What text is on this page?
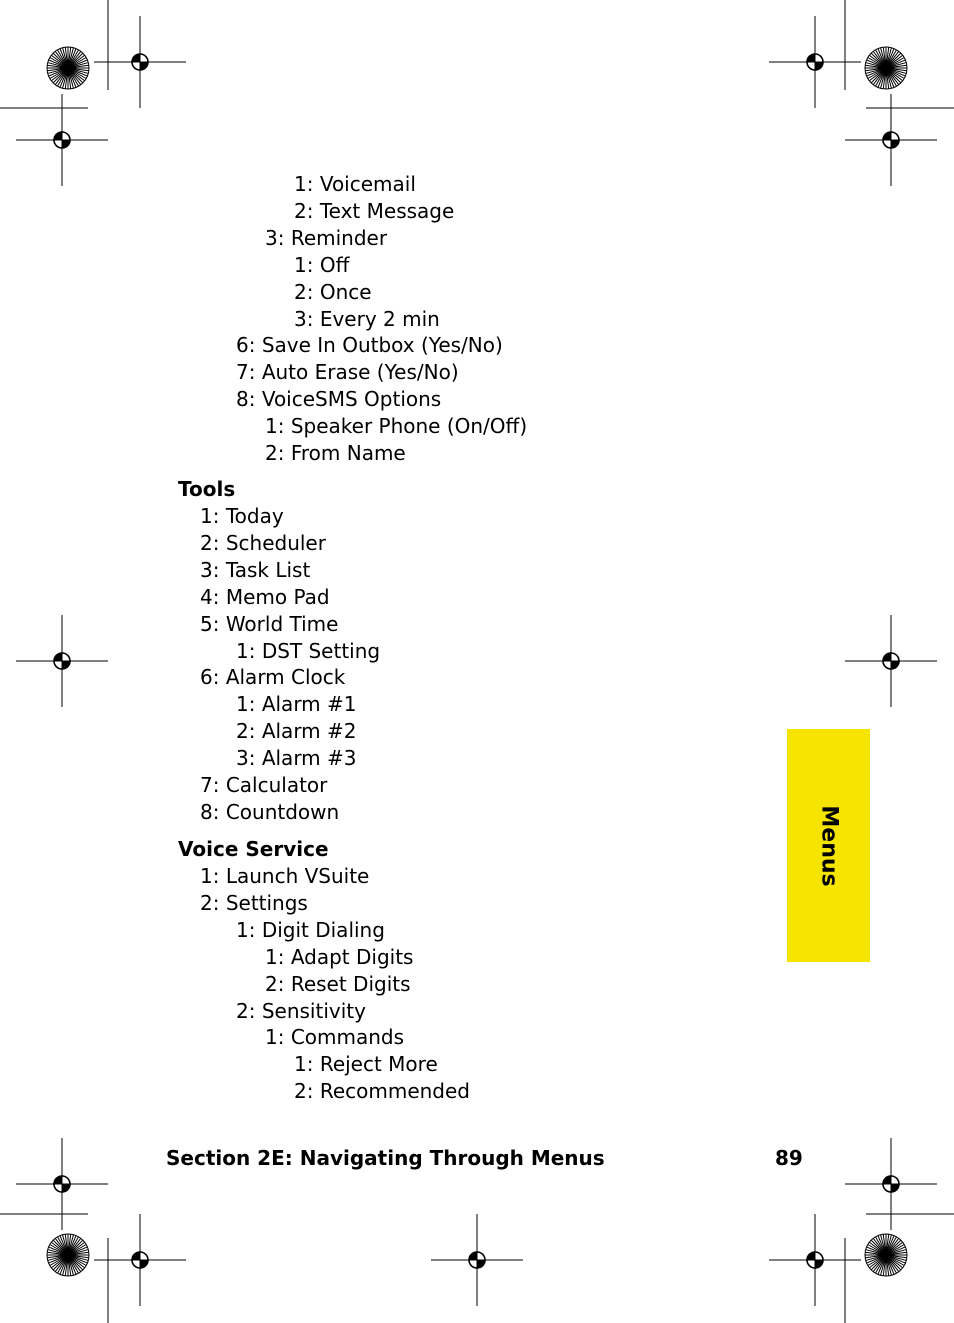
1: Voicemail
2: Text Message
3: Reminder
1: Off
2: Once
3: Every 2 min
6: Save In Outbox (Yes/No)
7: Auto Erase (Yes/No)
8: VoiceSMS Options
1: Speaker Phone (On/Off)
2: From Name
Tools
1: Today
2: Scheduler
3: Task List
4: Memo Pad
5: World Time
1: DST Setting
6: Alarm Clock
1: Alarm #1
2: Alarm #2
3: Alarm #3
7: Calculator
8: Countdown
Voice Service
1: Launch VSuite
2: Settings
1: Digit Dialing
1: Adapt Digits
2: Reset Digits
2: Sensitivity
1: Commands
1: Reject More
2: Recommended
Section 2E: Navigating Through Menus	89
Menus
